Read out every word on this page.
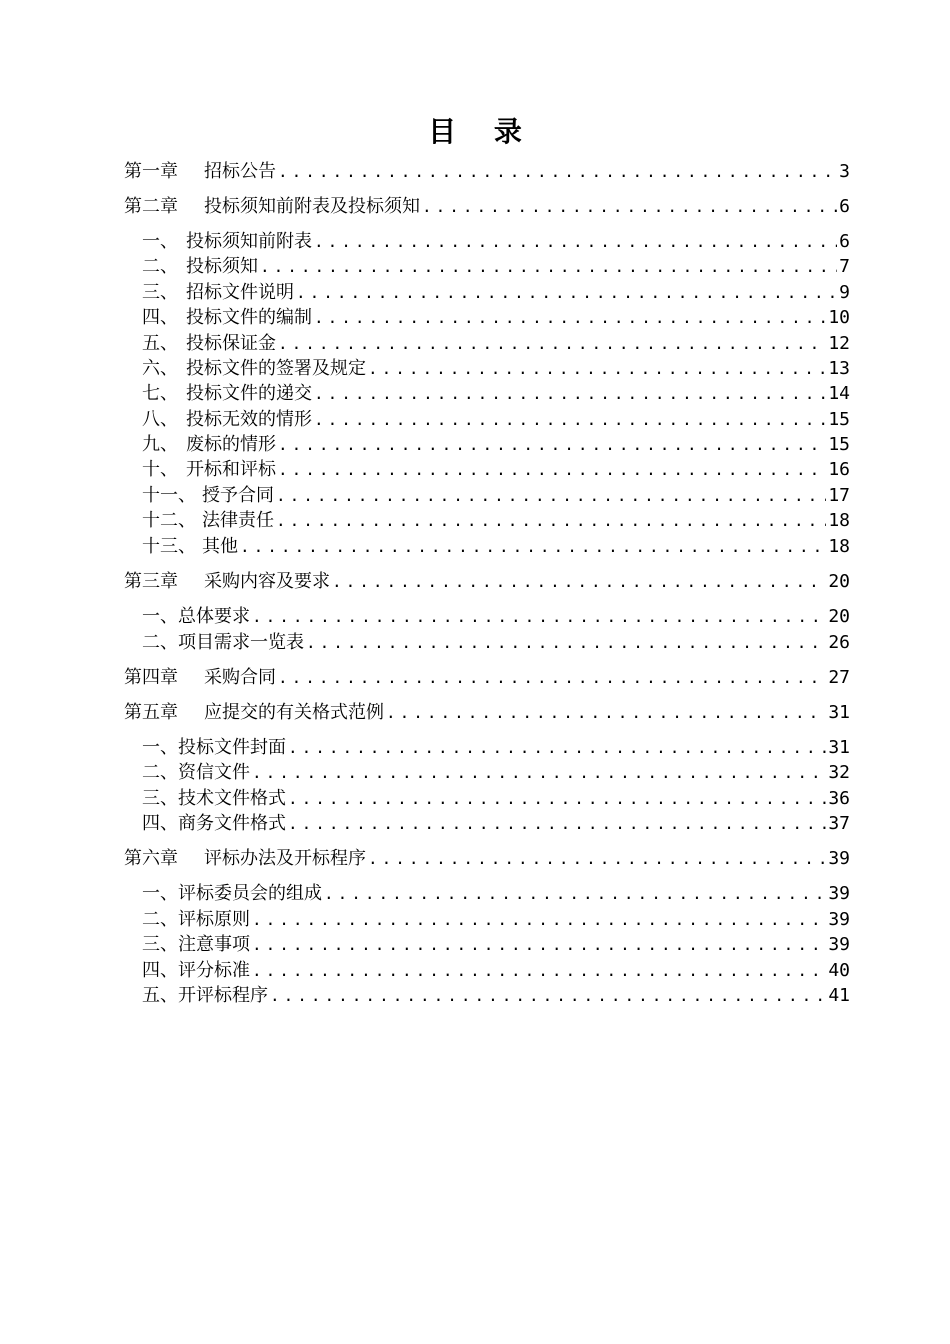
目 录
第一章 招标公告 .....	3
第二章 投标须知前附表及投标须知 .....	6
一、 投标须知前附表 .....	6
二、 投标须知 .....	7
三、 招标文件说明 .....	9
四、 投标文件的编制 .....	10
五、 投标保证金 .....	12
六、 投标文件的签署及规定 .....	13
七、 投标文件的递交 .....	14
八、 投标无效的情形 .....	15
九、 废标的情形 .....	15
十、 开标和评标 .....	16
十一、 授予合同 .....	17
十二、 法律责任 .....	18
十三、 其他 .....	18
第三章 采购内容及要求 .....	20
一、 总体要求 .....	20
二、 项目需求一览表 .....	26
第四章 采购合同 .....	27
第五章 应提交的有关格式范例 .....	31
一、 投标文件封面 .....	31
二、 资信文件 .....	32
三、 技术文件格式 .....	36
四、 商务文件格式 .....	37
第六章 评标办法及开标程序 .....	39
一、 评标委员会的组成 .....	39
二、 评标原则 .....	39
三、 注意事项 .....	39
四、 评分标准 .....	40
五、 开评标程序 .....	41
